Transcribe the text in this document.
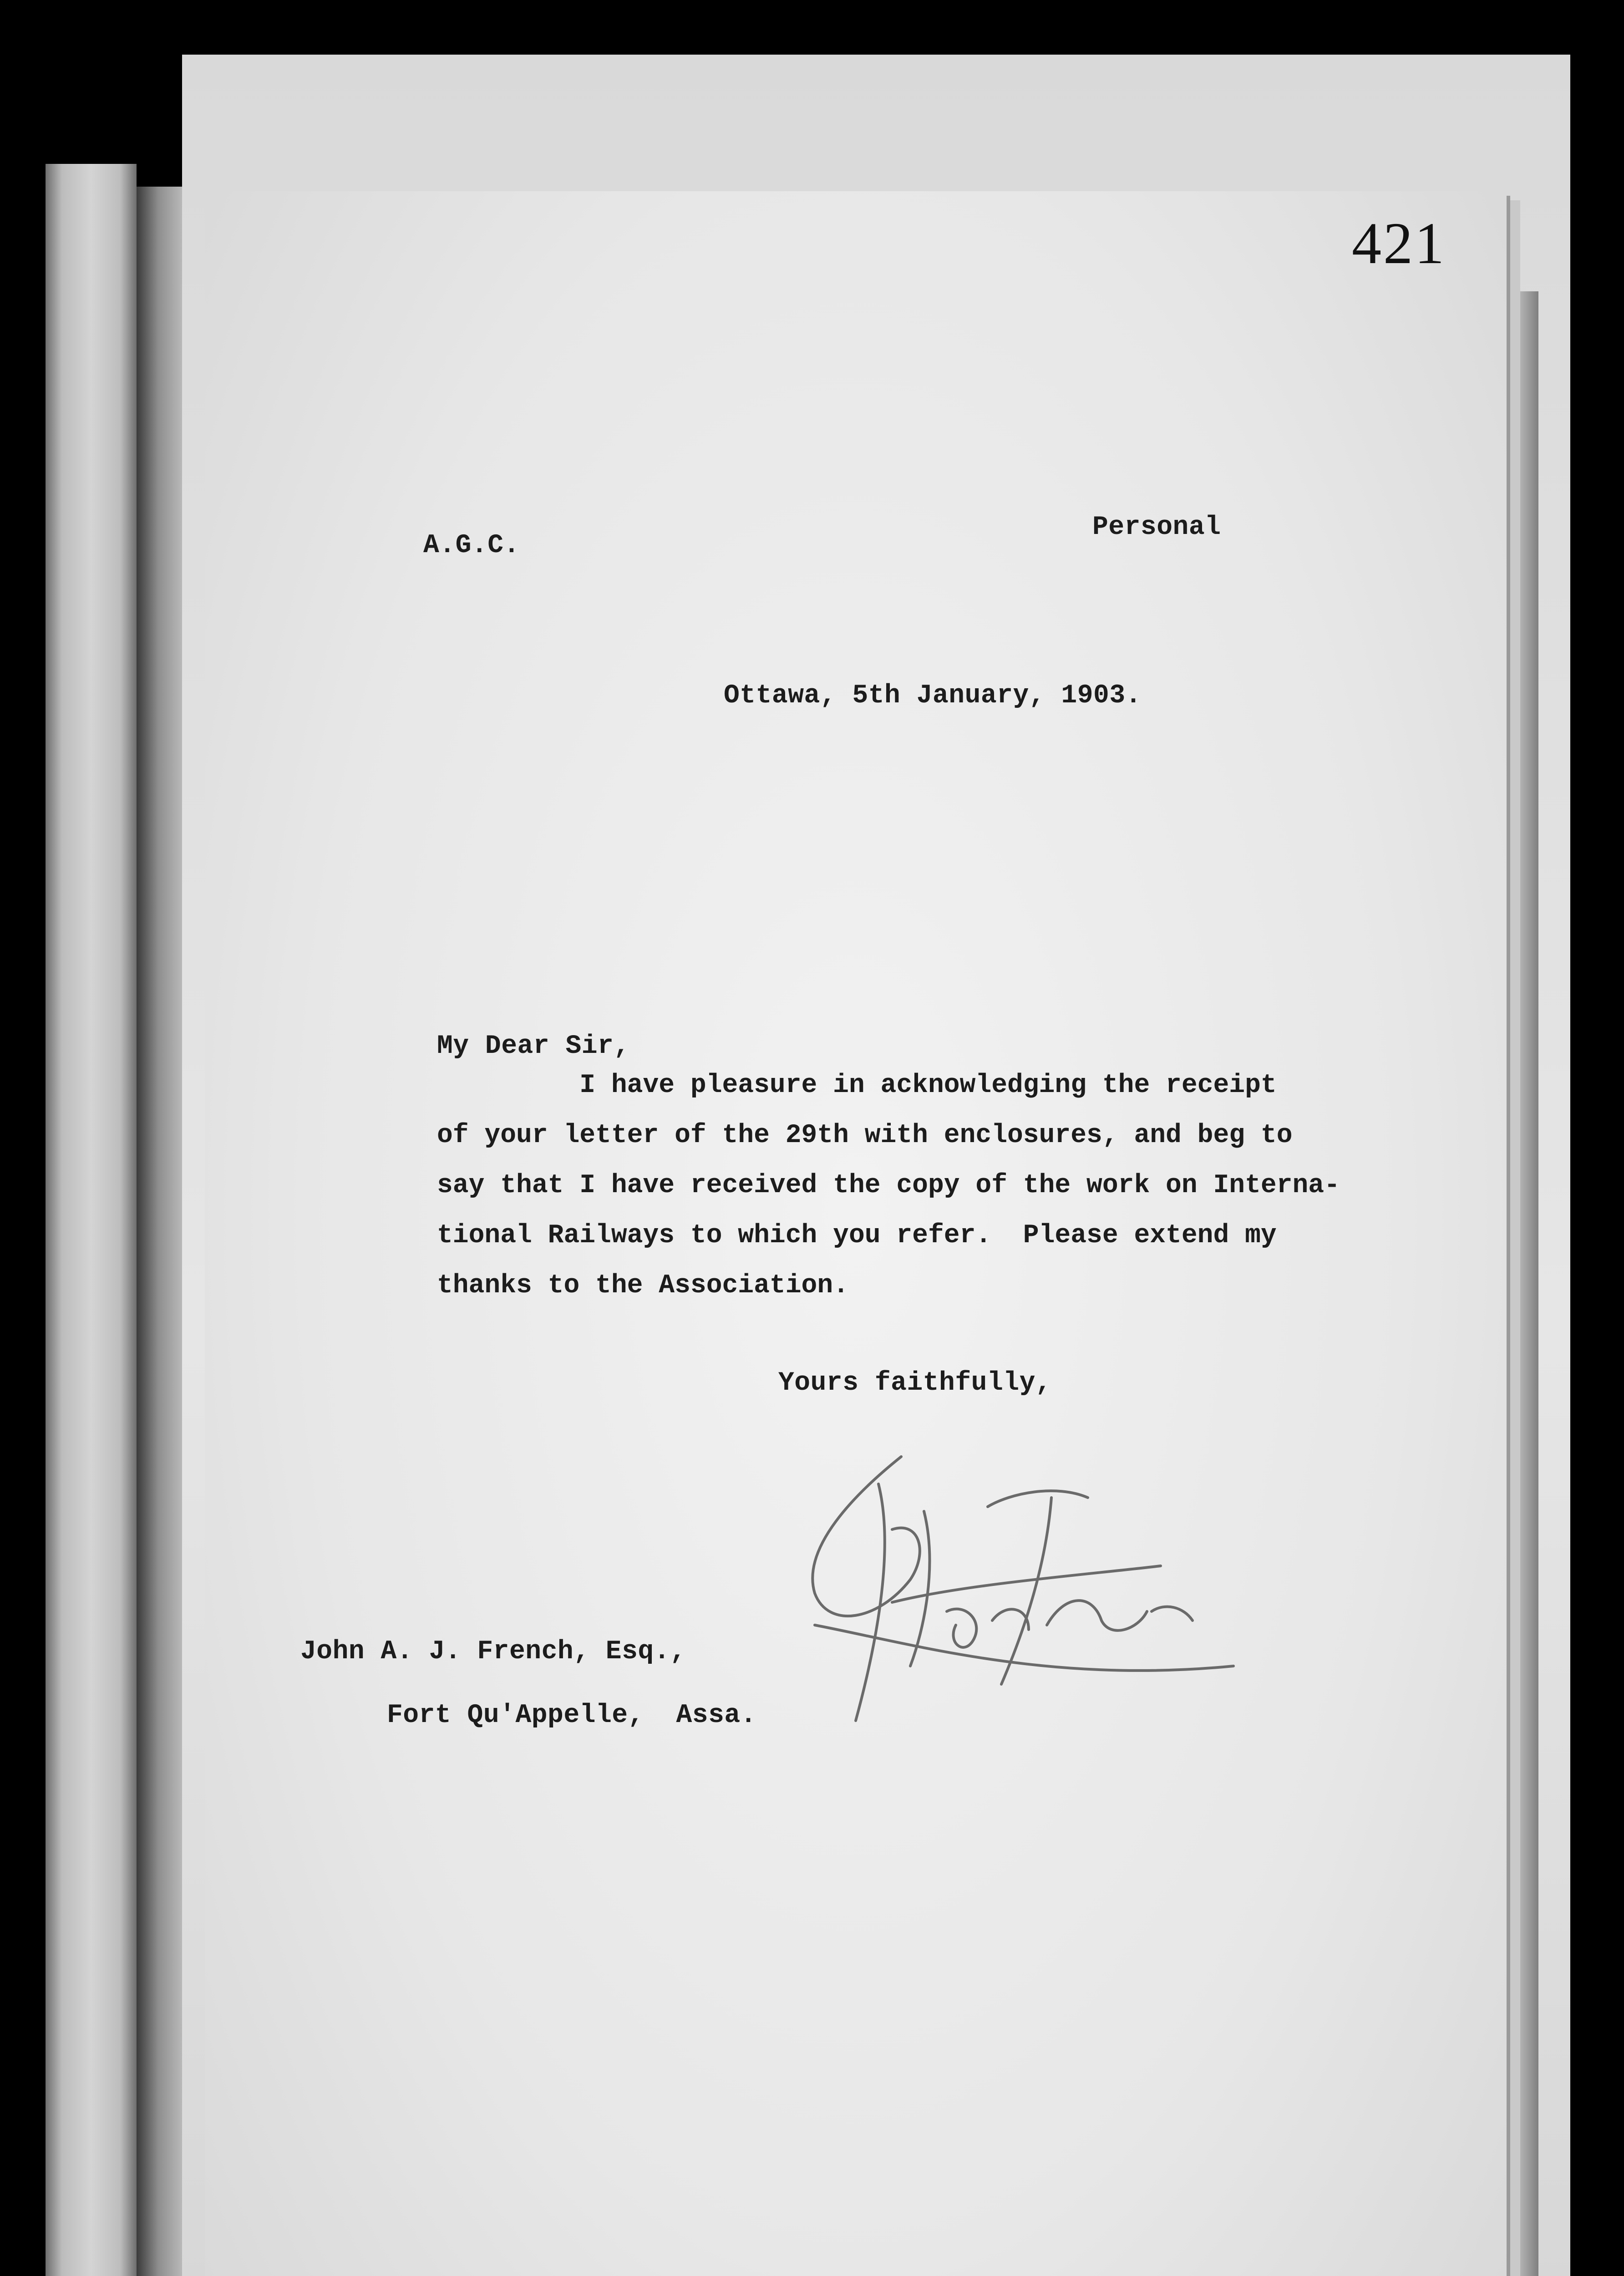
421
A.G.C.
Personal
Ottawa, 5th January, 1903.
My Dear Sir,
I have pleasure in acknowledging the receipt
of your letter of the 29th with enclosures, and beg to
say that I have received the copy of the work on Interna-
tional Railways to which you refer.  Please extend my
thanks to the Association.
Yours faithfully,
John A. J. French, Esq.,
Fort Qu'Appelle,  Assa.
